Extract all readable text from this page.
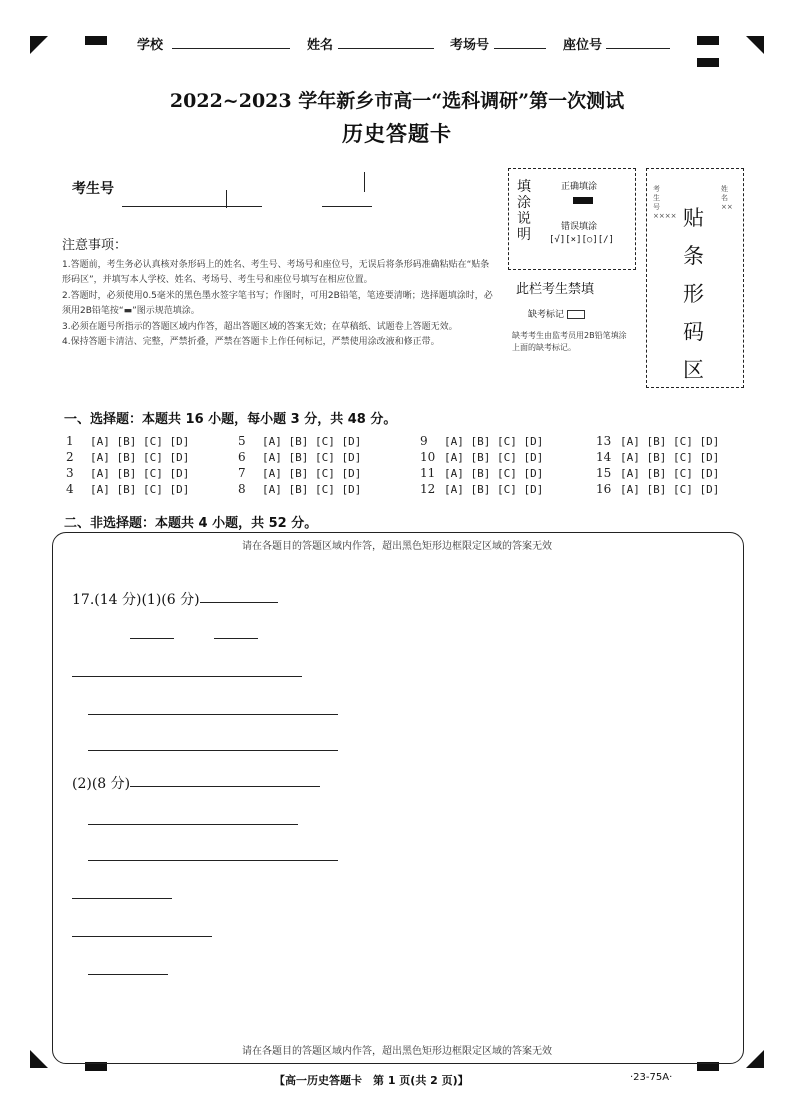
学校	姓名	考场号	座位号
2022~2023 学年新乡市高一“选科调研”第一次测试
历史答题卡
考生号	填涂说明
正确填涂
错误填涂
[√][×][○][/]
此栏考生禁填
缺考标记
缺考考生由监考员用2B铅笔填涂上面的缺考标记。
贴条形码区
考生号××××
姓名××
注意事项：
1.答题前，考生务必认真核对条形码上的姓名、考生号、考场号和座位号，无误后将条形码准确粘贴在“贴条形码区”，并填写本人学校、姓名、考场号、考生号和座位号填写在相应位置。
2.答题时，必须使用0.5毫米的黑色墨水签字笔书写；作图时，可用2B铅笔，笔迹要清晰；选择题填涂时，必须用2B铅笔按“▬”图示规范填涂。
3.必须在题号所指示的答题区域内作答，超出答题区域的答案无效；在草稿纸、试题卷上答题无效。
4.保持答题卡清洁、完整，严禁折叠，严禁在答题卡上作任何标记，严禁使用涂改液和修正带。
一、选择题：本题共 16 小题，每小题 3 分，共 48 分。
1 [A] [B] [C] [D]
2 [A] [B] [C] [D]
3 [A] [B] [C] [D]
4 [A] [B] [C] [D]
5 [A] [B] [C] [D]
6 [A] [B] [C] [D]
7 [A] [B] [C] [D]
8 [A] [B] [C] [D]
9 [A] [B] [C] [D]
10 [A] [B] [C] [D]
11 [A] [B] [C] [D]
12 [A] [B] [C] [D]
13 [A] [B] [C] [D]
14 [A] [B] [C] [D]
15 [A] [B] [C] [D]
16 [A] [B] [C] [D]
二、非选择题：本题共 4 小题，共 52 分。
请在各题目的答题区域内作答，超出黑色矩形边框限定区域的答案无效
请在各题目的答题区域内作答，超出黑色矩形边框限定区域的答案无效
17.(14 分)(1)(6 分)
(2)(8 分)
【高一历史答题卡　第 1 页(共 2 页)】	·23-75A·
